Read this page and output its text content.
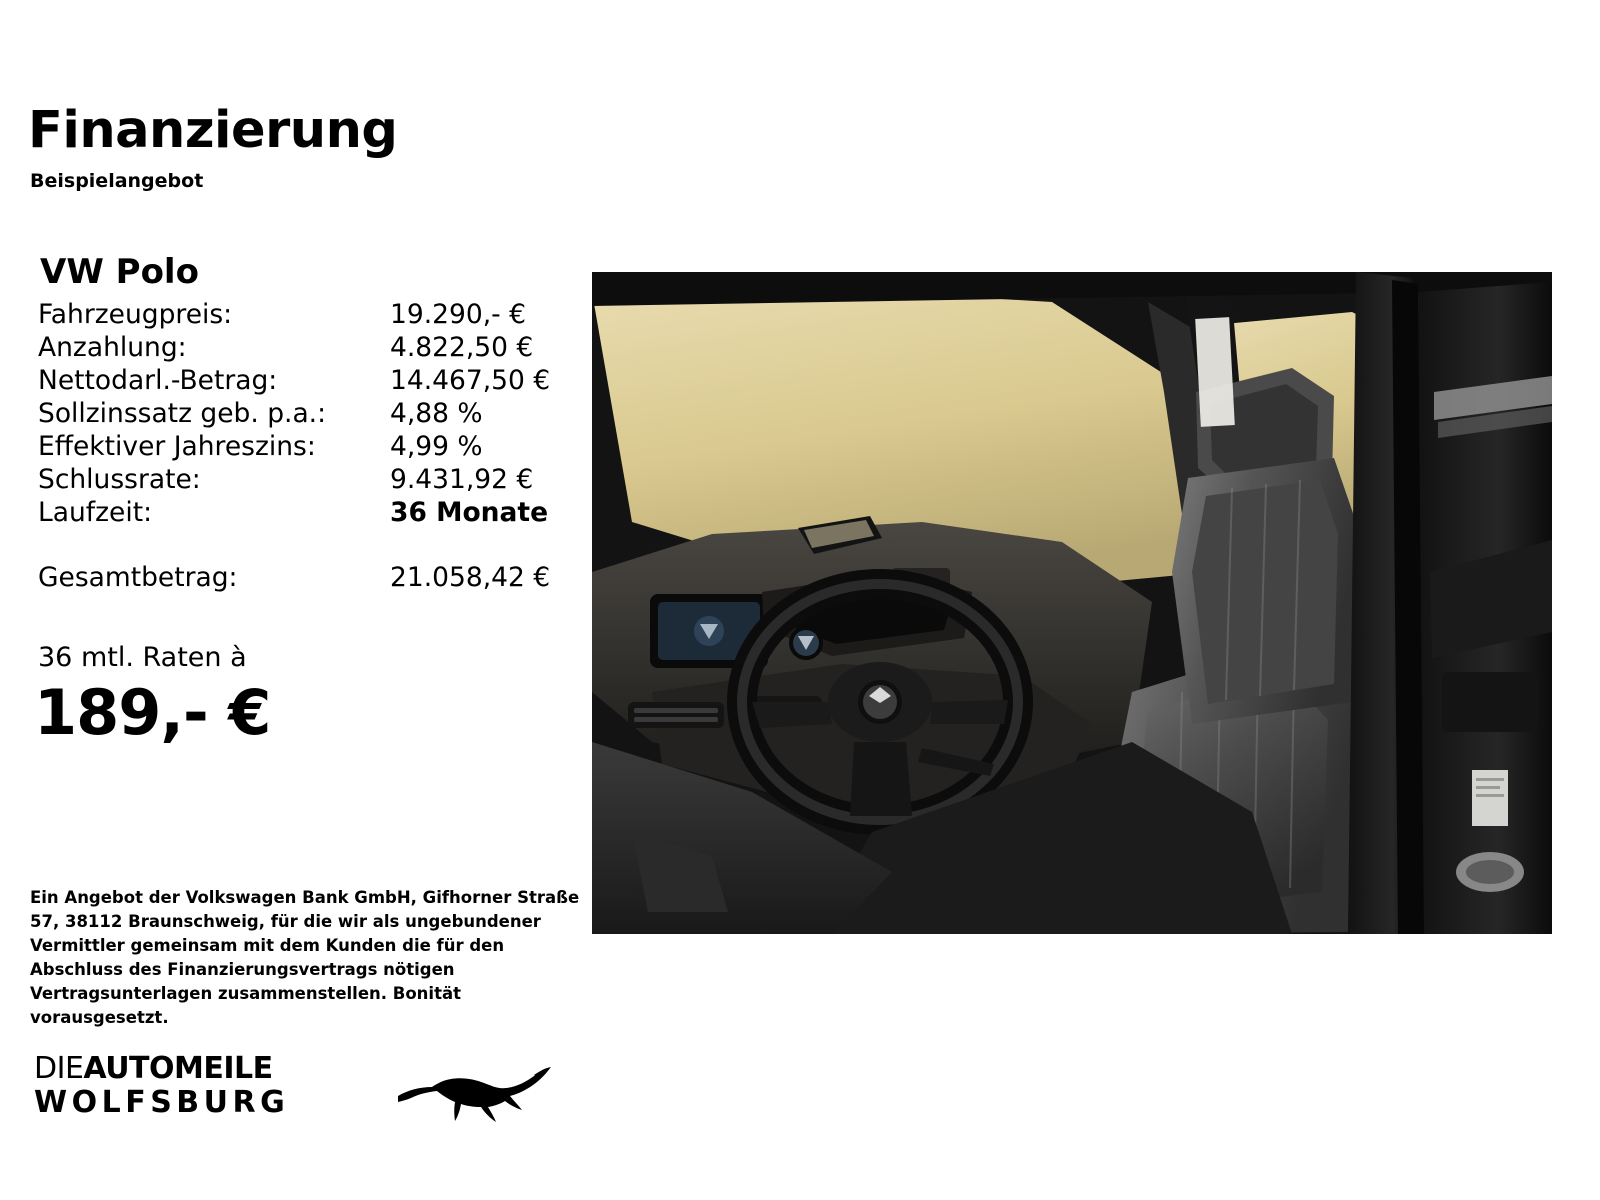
Finanzierung
Beispielangebot
VW Polo
Fahrzeugpreis:	19.290,- €
Anzahlung:	4.822,50 €
Nettodarl.-Betrag:	14.467,50 €
Sollzinssatz geb. p.a.:	4,88 %
Effektiver Jahreszins:	4,99 %
Schlussrate:	9.431,92 €
Laufzeit:	36 Monate

Gesamtbetrag:	21.058,42 €
36 mtl. Raten à
189,- €
Ein Angebot der Volkswagen Bank GmbH, Gifhorner Straße 57, 38112 Braunschweig, für die wir als ungebundener Vermittler gemeinsam mit dem Kunden die für den Abschluss des Finanzierungsvertrags nötigen Vertragsunterlagen zusammenstellen. Bonität vorausgesetzt.
DIEAUTOMEILE
WOLFSBURG
